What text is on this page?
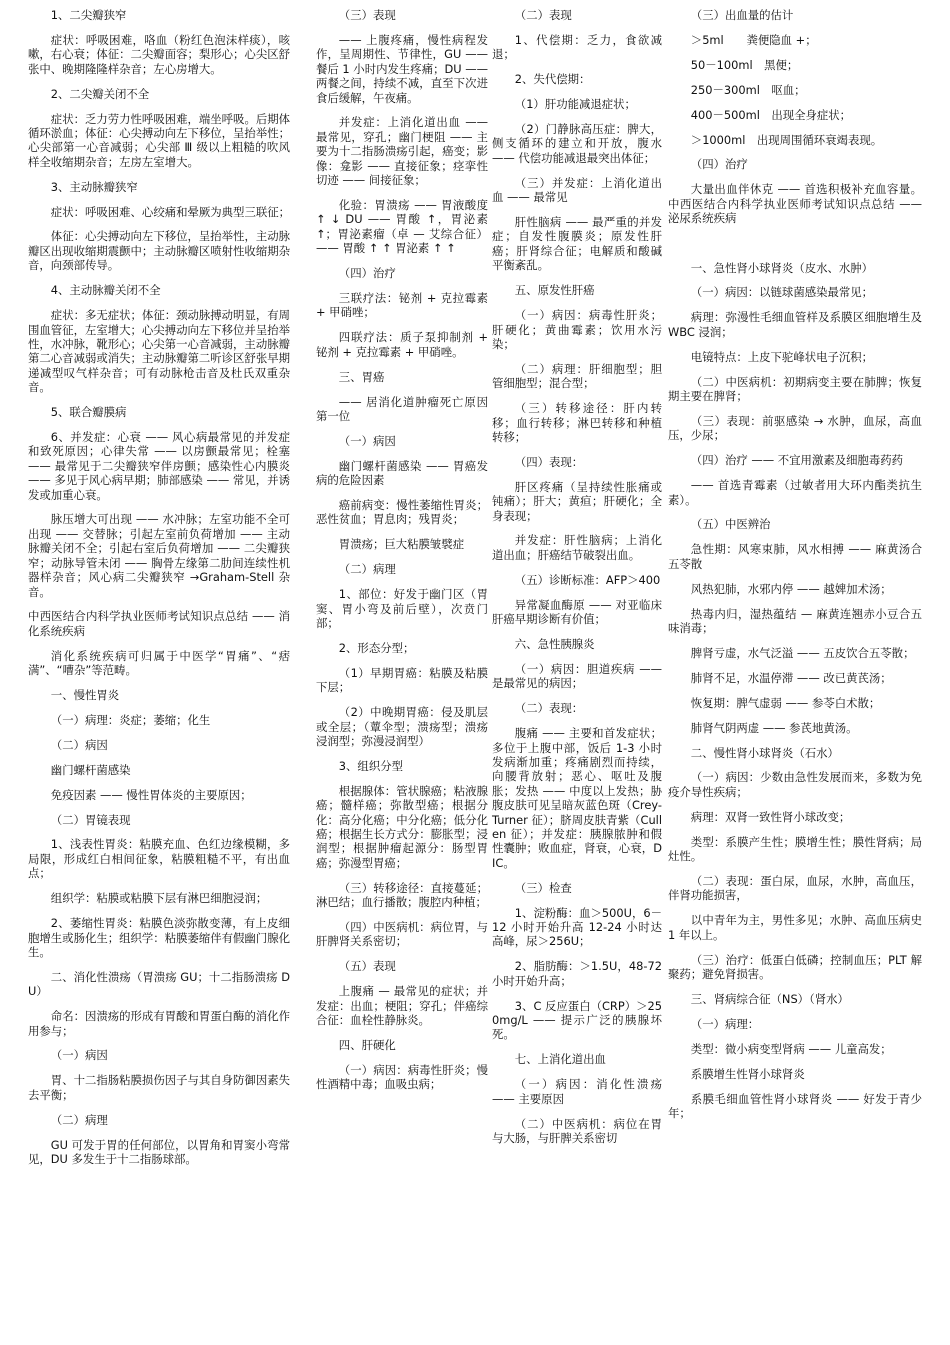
1、二尖瓣狭窄

症状：呼吸困难，咯血（粉红色泡沫样痰），咳嗽，右心衰；体征：二尖瓣面容；梨形心；心尖区舒张中、晚期隆隆样杂音；左心房增大。

2、二尖瓣关闭不全

症状：乏力劳力性呼吸困难，端坐呼吸。后期体循环淤血；体征：心尖搏动向左下移位，呈抬举性；心尖部第一心音减弱；心尖部 Ⅲ 级以上粗糙的吹风样全收缩期杂音；左房左室增大。

3、主动脉瓣狭窄

症状：呼吸困难、心绞痛和晕厥为典型三联征；

体征：心尖搏动向左下移位，呈抬举性，主动脉瓣区出现收缩期震颤中；主动脉瓣区喷射性收缩期杂音，向颈部传导。

4、主动脉瓣关闭不全

症状：多无症状；体征：颈动脉搏动明显，有周围血管征，左室增大；心尖搏动向左下移位并呈抬举性，水冲脉，靴形心；心尖第一心音减弱，主动脉瓣第二心音减弱或消失；主动脉瓣第二听诊区舒张早期递减型叹气样杂音；可有动脉枪击音及杜氏双重杂音。

5、联合瓣膜病

6、并发症：心衰 —— 风心病最常见的并发症和致死原因；心律失常 —— 以房颤最常见；栓塞 —— 最常见于二尖瓣狭窄伴房颤；感染性心内膜炎 —— 多见于风心病早期；肺部感染 —— 常见，并诱发或加重心衰。

脉压增大可出现 —— 水冲脉；左室功能不全可出现 —— 交替脉；引起左室前负荷增加 —— 主动脉瓣关闭不全；引起右室后负荷增加 —— 二尖瓣狭窄；动脉导管未闭 —— 胸骨左缘第二肋间连续性机器样杂音；风心病二尖瓣狭窄 →Graham-Stell 杂音。

中西医结合内科学执业医师考试知识点总结 —— 消化系统疾病

消化系统疾病可归属于中医学“胃痛”、“痞满”、“嘈杂”等范畴。

一、慢性胃炎

（一）病理：炎症；萎缩；化生

（二）病因

幽门螺杆菌感染

免疫因素 —— 慢性胃体炎的主要原因；

（二）胃镜表现

1、浅表性胃炎：粘膜充血、色红边缘模糊，多局限，形成红白相间征象，粘膜粗糙不平，有出血点；

组织学：粘膜或粘膜下层有淋巴细胞浸润；

2、萎缩性胃炎：粘膜色淡弥散变薄，有上皮细胞增生或肠化生；组织学：粘膜萎缩伴有假幽门腺化生。

二、消化性溃疡（胃溃疡 GU；十二指肠溃疡 DU）

命名：因溃疡的形成有胃酸和胃蛋白酶的消化作用参与；

（一）病因

胃、十二指肠粘膜损伤因子与其自身防御因素失去平衡；

（二）病理

GU 可发于胃的任何部位，以胃角和胃窦小弯常见，DU 多发生于十二指肠球部。

（三）表现

—— 上腹疼痛，慢性病程发作，呈周期性、节律性，GU —— 餐后 1 小时内发生疼痛；DU —— 两餐之间，持续不减，直至下次进食后缓解，午夜痛。

并发症：上消化道出血 —— 最常见，穿孔；幽门梗阻 —— 主要为十二指肠溃疡引起，癌变；影像：龛影 —— 直接征象；痉挛性切迹 —— 间接征象；

化验：胃溃疡 —— 胃液酸度 ↑ ↓ DU —— 胃酸 ↑，胃泌素 ↑；胃泌素瘤（卓 — 艾综合征）—— 胃酸 ↑ ↑ 胃泌素 ↑ ↑

（四）治疗

三联疗法：铋剂 + 克拉霉素 + 甲硝唑；

四联疗法：质子泵抑制剂 + 铋剂 + 克拉霉素 + 甲硝唑。

三、胃癌

—— 居消化道肿瘤死亡原因第一位

（一）病因

幽门螺杆菌感染 —— 胃癌发病的危险因素

癌前病变：慢性萎缩性胃炎；恶性贫血；胃息肉；残胃炎；

胃溃疡；巨大粘膜皱襞症

（二）病理

1、部位：好发于幽门区（胃窦、胃小弯及前后壁），次贲门部；

2、形态分型；

（1）早期胃癌：粘膜及粘膜下层；

（2）中晚期胃癌：侵及肌层或全层；（蕈伞型；溃疡型；溃疡浸润型；弥漫浸润型）

3、组织分型

根据腺体：管状腺癌；粘液腺癌；髓样癌；弥散型癌；根据分化：高分化癌；中分化癌；低分化癌；根据生长方式分：膨胀型；浸润型；根据肿瘤起源分：肠型胃癌；弥漫型胃癌；

（三）转移途径：直接蔓延；淋巴结；血行播散；腹腔内种植；

（四）中医病机：病位胃，与肝脾肾关系密切；

（五）表现

上腹痛 — 最常见的症状；并发症：出血；梗阻；穿孔；伴癌综合征：血栓性静脉炎。

四、肝硬化

（一）病因：病毒性肝炎；慢性酒精中毒；血吸虫病；

（二）表现

1、代偿期：乏力，食欲减退；

2、失代偿期：

（1）肝功能减退症状；

（2）门静脉高压症：脾大，侧支循环的建立和开放，腹水 —— 代偿功能减退最突出体征；

（三）并发症：上消化道出血 —— 最常见

肝性脑病 —— 最严重的并发症；自发性腹膜炎；原发性肝癌；肝肾综合征；电解质和酸碱平衡紊乱。

五、原发性肝癌

（一）病因：病毒性肝炎；肝硬化；黄曲霉素；饮用水污染；

（二）病理：肝细胞型；胆管细胞型；混合型；

（三）转移途径：肝内转移；血行转移；淋巴转移和种植转移；

（四）表现：

肝区疼痛（呈持续性胀痛或钝痛）；肝大；黄疸；肝硬化；全身表现；

并发症：肝性脑病；上消化道出血；肝癌结节破裂出血。

（五）诊断标准：AFP＞400

异常凝血酶原 —— 对亚临床肝癌早期诊断有价值；

六、急性胰腺炎

（一）病因：胆道疾病 —— 是最常见的病因；

（二）表现：

腹痛 —— 主要和首发症状；多位于上腹中部，饭后 1-3 小时发病渐加重；疼痛剧烈而持续，向腰背放射；恶心、呕吐及腹胀；发热 —— 中度以上发热；胁腹皮肤可见呈暗灰蓝色斑（Crey-Turner 征）；脐周皮肤青紫（Cullen 征）；并发症：胰腺脓肿和假性囊肿；败血症，肾衰，心衰，DIC。

（三）检查

1、淀粉酶：血＞500U，6－12 小时开始升高 12-24 小时达高峰，尿＞256U；

2、脂肪酶：＞1.5U，48-72 小时开始升高；

3、C 反应蛋白（CRP）＞250mg/L —— 提示广泛的胰腺坏死。

七、上消化道出血

（一）病因：消化性溃疡 —— 主要原因

（二）中医病机：病位在胃与大肠，与肝脾关系密切

（三）出血量的估计

＞5ml　　粪便隐血 +；

50－100ml　黑便；

250－300ml　呕血；

400－500ml　出现全身症状；

＞1000ml　出现周围循环衰竭表现。

（四）治疗

大量出血伴休克 —— 首选积极补充血容量。中西医结合内科学执业医师考试知识点总结 —— 泌尿系统疾病

一、急性肾小球肾炎（皮水、水肿）

（一）病因：以链球菌感染最常见；

病理：弥漫性毛细血管样及系膜区细胞增生及 WBC 浸润；

电镜特点：上皮下驼峰状电子沉积；

（二）中医病机：初期病变主要在肺脾；恢复期主要在脾肾；

（三）表现：前驱感染 → 水肿，血尿，高血压，少尿；

（四）治疗 —— 不宜用激素及细胞毒药药

—— 首选青霉素（过敏者用大环内酯类抗生素）。

（五）中医辨治

急性期：风寒束肺，风水相搏 —— 麻黄汤合五苓散

风热犯肺，水邪内停 —— 越婢加术汤；

热毒内归，湿热蕴结 — 麻黄连翘赤小豆合五味消毒；

脾肾亏虚，水气泛溢 —— 五皮饮合五苓散；

肺肾不足，水温停滞 —— 改已黄芪汤；

恢复期：脾气虚弱 —— 参苓白术散；

肺肾气阴两虚 —— 参芪地黄汤。

二、慢性肾小球肾炎（石水）

（一）病因：少数由急性发展而来，多数为免疫介导性疾病；

病理：双肾一致性肾小球改变；

类型：系膜产生性；膜增生性；膜性肾病；局灶性。

（二）表现：蛋白尿，血尿，水肿，高血压，伴肾功能损害，

以中青年为主，男性多见；水肿、高血压病史 1 年以上。

（三）治疗：低蛋白低磷；控制血压；PLT 解聚药；避免肾损害。

三、肾病综合征（NS）（肾水）

（一）病理：

类型：微小病变型肾病 —— 儿童高发；

系膜增生性肾小球肾炎

系膜毛细血管性肾小球肾炎 —— 好发于青少年；
